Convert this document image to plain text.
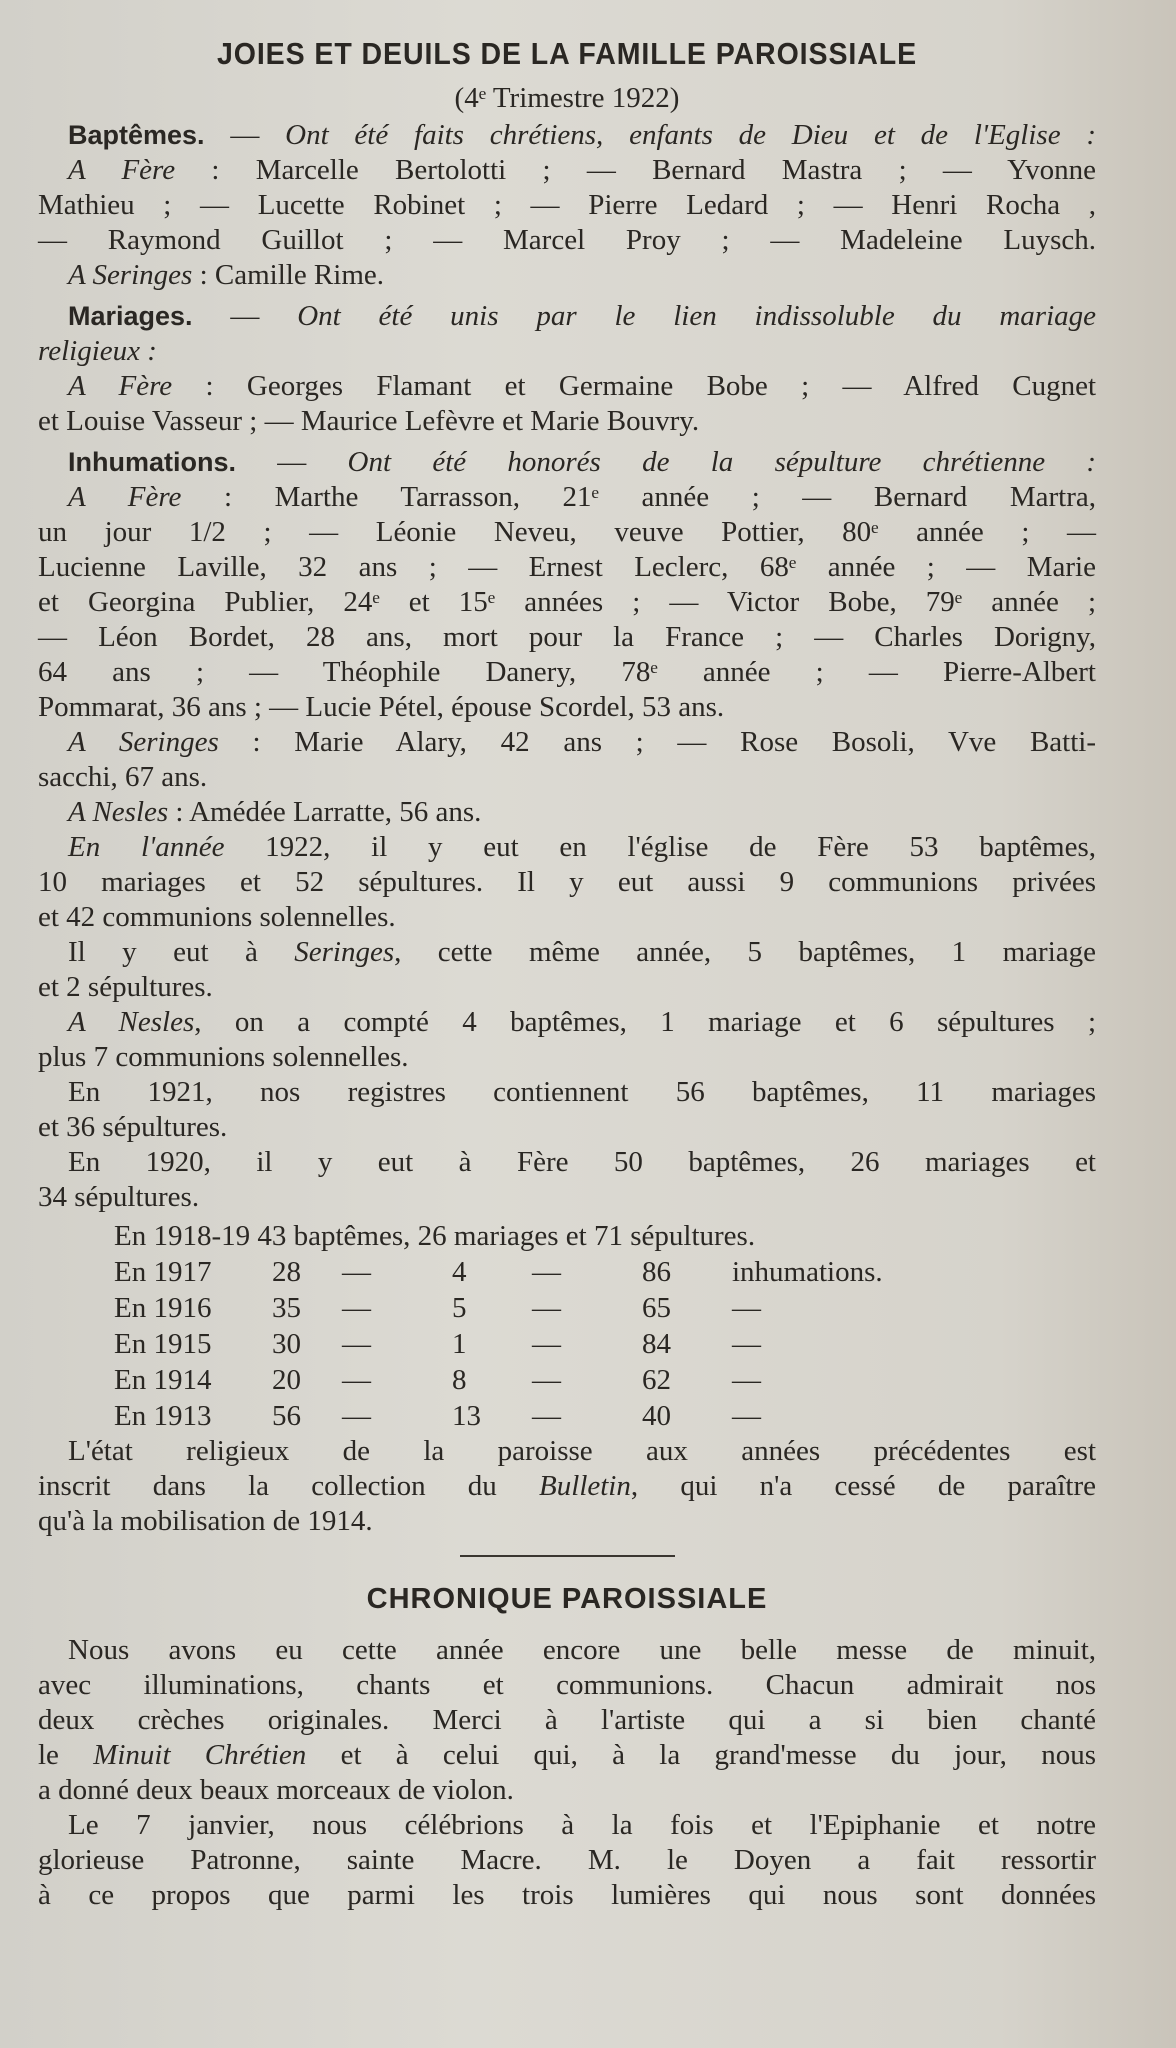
JOIES ET DEUILS DE LA FAMILLE PAROISSIALE
(4ᵉ Trimestre 1922)
Baptêmes. — Ont été faits chrétiens, enfants de Dieu et de l'Eglise :
A Fère : Marcelle Bertolotti ; — Bernard Mastra ; — Yvonne
Mathieu ; — Lucette Robinet ; — Pierre Ledard ; — Henri Rocha ,
— Raymond Guillot ; — Marcel Proy ; — Madeleine Luysch.
A Seringes : Camille Rime.
Mariages. — Ont été unis par le lien indissoluble du mariage
religieux :
A Fère : Georges Flamant et Germaine Bobe ; — Alfred Cugnet
et Louise Vasseur ; — Maurice Lefèvre et Marie Bouvry.
Inhumations. — Ont été honorés de la sépulture chrétienne :
A Fère : Marthe Tarrasson, 21ᵉ année ; — Bernard Martra,
un jour 1/2 ; — Léonie Neveu, veuve Pottier, 80ᵉ année ; —
Lucienne Laville, 32 ans ; — Ernest Leclerc, 68ᵉ année ; — Marie
et Georgina Publier, 24ᵉ et 15ᵉ années ; — Victor Bobe, 79ᵉ année ;
— Léon Bordet, 28 ans, mort pour la France ; — Charles Dorigny,
64 ans ; — Théophile Danery, 78ᵉ année ; — Pierre-Albert
Pommarat, 36 ans ; — Lucie Pétel, épouse Scordel, 53 ans.
A Seringes : Marie Alary, 42 ans ; — Rose Bosoli, Vve Batti-
sacchi, 67 ans.
A Nesles : Amédée Larratte, 56 ans.
En l'année 1922, il y eut en l'église de Fère 53 baptêmes,
10 mariages et 52 sépultures. Il y eut aussi 9 communions privées
et 42 communions solennelles.
Il y eut à Seringes, cette même année, 5 baptêmes, 1 mariage
et 2 sépultures.
A Nesles, on a compté 4 baptêmes, 1 mariage et 6 sépultures ;
plus 7 communions solennelles.
En 1921, nos registres contiennent 56 baptêmes, 11 mariages
et 36 sépultures.
En 1920, il y eut à Fère 50 baptêmes, 26 mariages et
34 sépultures.
En 1918-19 43 baptêmes, 26 mariages et 71 sépultures.
En 1917	28	—	4	—	86	inhumations.
En 1916	35	—	5	—	65	—
En 1915	30	—	1	—	84	—
En 1914	20	—	8	—	62	—
En 1913	56	—	13	—	40	—
L'état religieux de la paroisse aux années précédentes est
inscrit dans la collection du Bulletin, qui n'a cessé de paraître
qu'à la mobilisation de 1914.
CHRONIQUE PAROISSIALE
Nous avons eu cette année encore une belle messe de minuit,
avec illuminations, chants et communions. Chacun admirait nos
deux crèches originales. Merci à l'artiste qui a si bien chanté
le Minuit Chrétien et à celui qui, à la grand'messe du jour, nous
a donné deux beaux morceaux de violon.
Le 7 janvier, nous célébrions à la fois et l'Epiphanie et notre
glorieuse Patronne, sainte Macre. M. le Doyen a fait ressortir
à ce propos que parmi les trois lumières qui nous sont données
